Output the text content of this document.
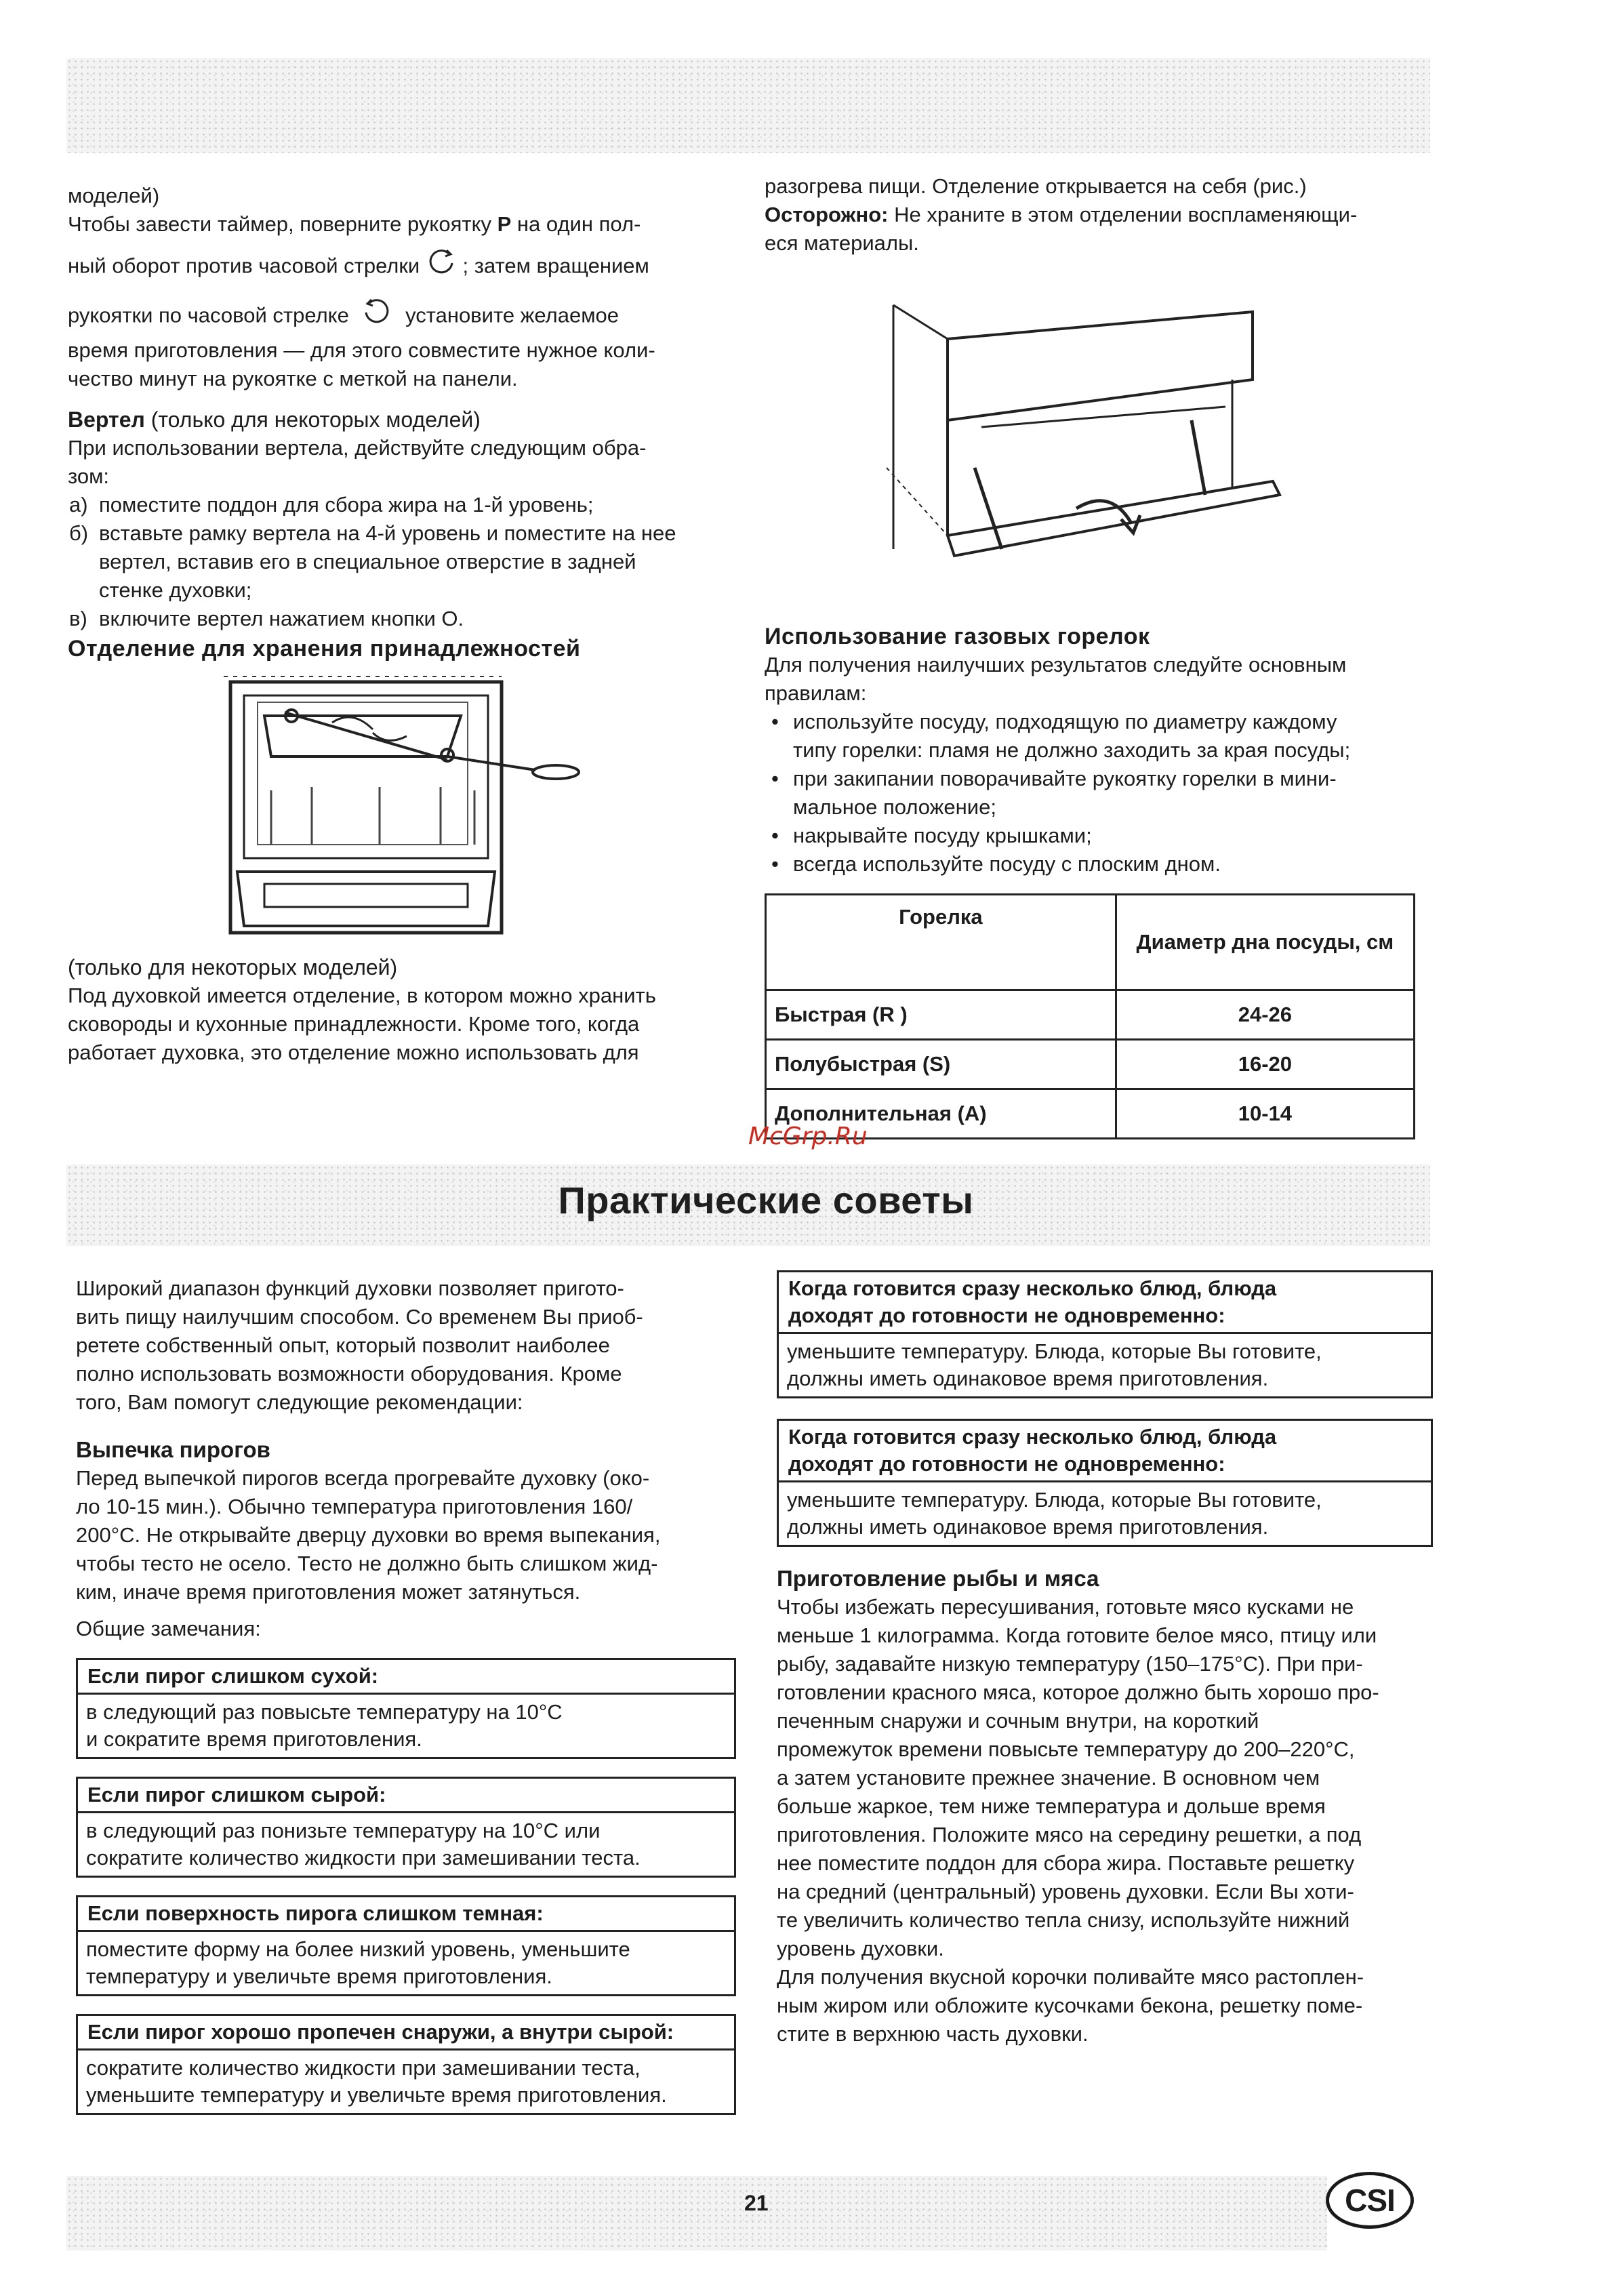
моделей)

Чтобы завести таймер, поверните рукоятку P на один пол-

ный оборот против часовой стрелки ; затем вращением

рукоятки по часовой стрелке	установите желаемое

время приготовления — для этого совместите нужное коли-

чество минут на рукоятке с меткой на панели.

Вертел (только для некоторых моделей)

При использовании вертела, действуйте следующим обра-

зом:

а) поместите поддон для сбора жира на 1-й уровень;
б) вставьте рамку вертела на 4-й уровень и поместите на нее
вертел, вставив его в специальное отверстие в задней
стенке духовки;
в) включите вертел нажатием кнопки О.

Отделение для хранения принадлежностей

(только для некоторых моделей)

Под духовкой имеется отделение, в котором можно хранить

сковороды и кухонные принадлежности. Кроме того, когда

работает духовка, это отделение можно использовать для

разогрева пищи. Отделение открывается на себя (рис.)

Осторожно: Не храните в этом отделении воспламеняющи-

еся материалы.

Использование газовых горелок

Для получения наилучших результатов следуйте основным

правилам:

• используйте посуду, подходящую по диаметру каждому
типу горелки: пламя не должно заходить за края посуды;
• при закипании поворачивайте рукоятку горелки в мини-
мальное положение;
• накрывайте посуду крышками;
• всегда используйте посуду с плоским дном.
Горелка	Диаметр дна посуды, см
Быстрая (R )	24-26
Полубыстрая (S)	16-20
Дополнительная (А)	10-14
McGrp.Ru
Практические советы

Широкий диапазон функций духовки позволяет пригото-

вить пищу наилучшим способом. Со временем Вы приоб-

ретете собственный опыт, который позволит наиболее

полно использовать возможности оборудования. Кроме

того, Вам помогут следующие рекомендации:

Выпечка пирогов

Перед выпечкой пирогов всегда прогревайте духовку (око-

ло 10-15 мин.). Обычно температура приготовления 160/

200°С. Не открывайте дверцу духовки во время выпекания,

чтобы тесто не осело. Тесто не должно быть слишком жид-

ким, иначе время приготовления может затянуться.

Общие замечания:

Если пирог слишком сухой:
в следующий раз повысьте температуру на 10°С
и сократите время приготовления.
Если пирог слишком сырой:
в следующий раз понизьте температуру на 10°С или
сократите количество жидкости при замешивании теста.
Если поверхность пирога слишком темная:
поместите форму на более низкий уровень, уменьшите
температуру и увеличьте время приготовления.
Если пирог хорошо пропечен снаружи, а внутри сырой:
сократите количество жидкости при замешивании теста,
уменьшите температуру и увеличьте время приготовления.
Когда готовится сразу несколько блюд, блюда
доходят до готовности не одновременно:
уменьшите температуру. Блюда, которые Вы готовите,
должны иметь одинаковое время приготовления.
Когда готовится сразу несколько блюд, блюда
доходят до готовности не одновременно:
уменьшите температуру. Блюда, которые Вы готовите,
должны иметь одинаковое время приготовления.

Приготовление рыбы и мяса

Чтобы избежать пересушивания, готовьте мясо кусками не

меньше 1 килограмма. Когда готовите белое мясо, птицу или

рыбу, задавайте низкую температуру (150–175°С). При при-

готовлении красного мяса, которое должно быть хорошо про-

печенным снаружи и сочным внутри, на короткий

промежуток времени повысьте температуру до 200–220°С,

а затем установите прежнее значение. В основном чем

больше жаркое, тем ниже температура и дольше время

приготовления. Положите мясо на середину решетки, а под

нее поместите поддон для сбора жира. Поставьте решетку

на средний (центральный) уровень духовки. Если Вы хоти-

те увеличить количество тепла снизу, используйте нижний

уровень духовки.

Для получения вкусной корочки поливайте мясо растоплен-

ным жиром или обложите кусочками бекона, решетку поме-

стите в верхнюю часть духовки.

21	CSI
